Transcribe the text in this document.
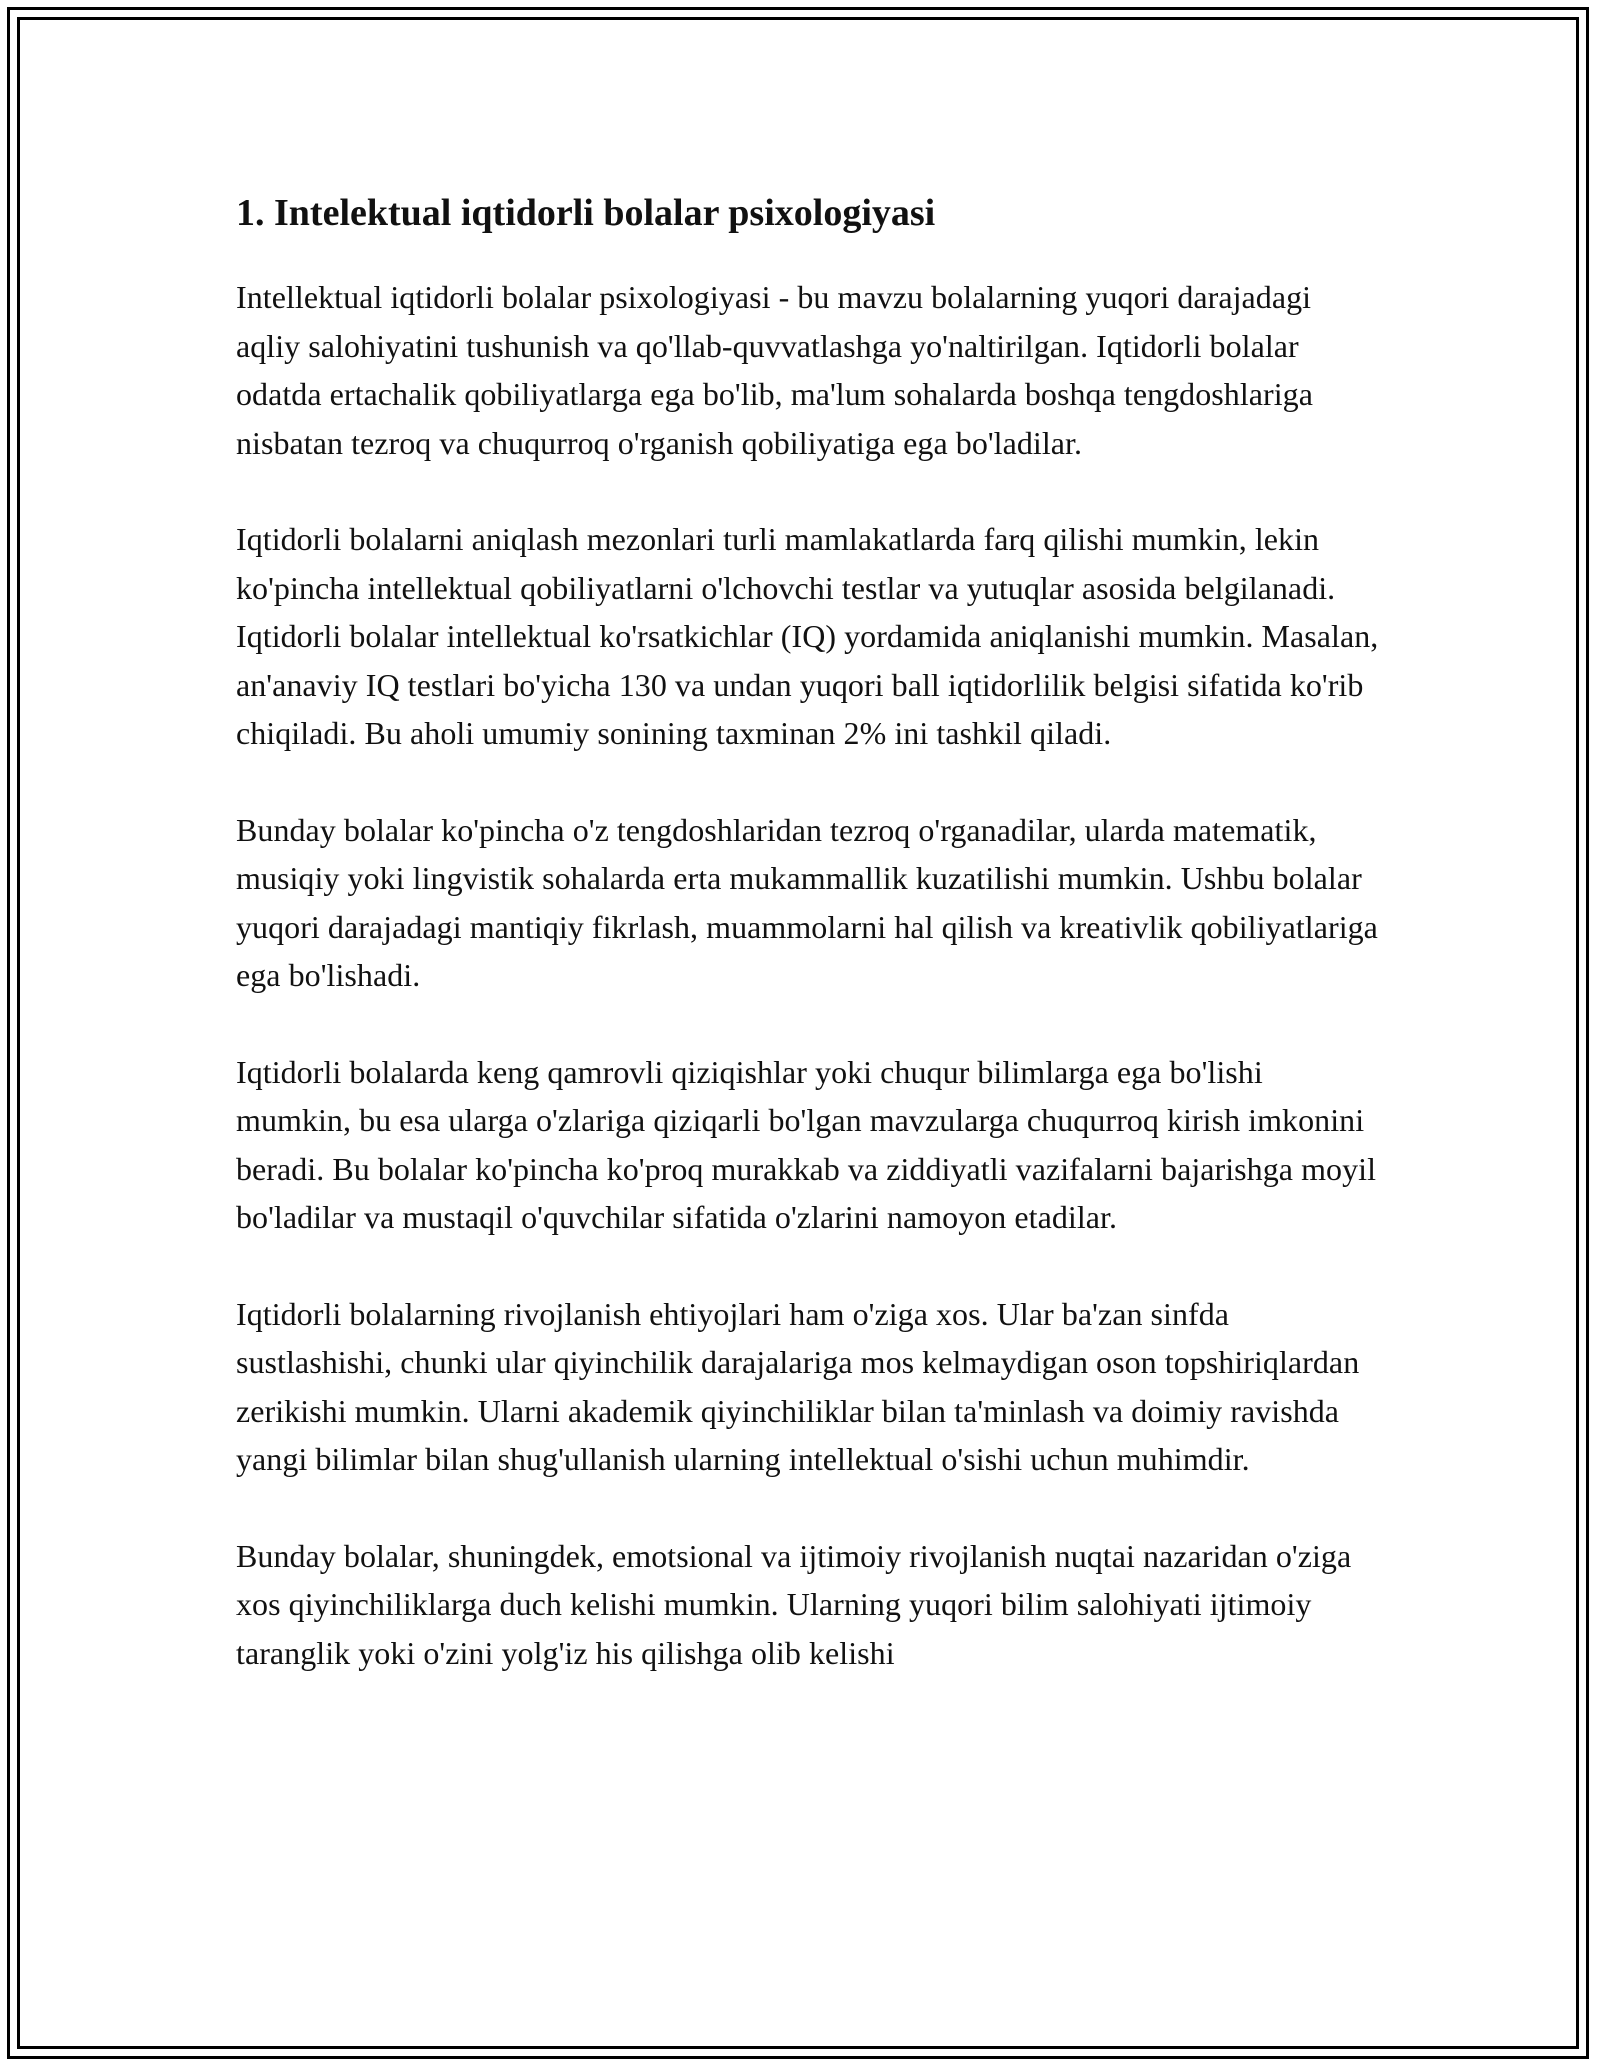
1. Intelektual iqtidorli bolalar psixologiyasi

Intellektual iqtidorli bolalar psixologiyasi - bu mavzu bolalarning yuqori darajadagi aqliy salohiyatini tushunish va qo'llab-quvvatlashga yo'naltirilgan. Iqtidorli bolalar odatda ertachalik qobiliyatlarga ega bo'lib, ma'lum sohalarda boshqa tengdoshlariga nisbatan tezroq va chuqurroq o'rganish qobiliyatiga ega bo'ladilar.

Iqtidorli bolalarni aniqlash mezonlari turli mamlakatlarda farq qilishi mumkin, lekin ko'pincha intellektual qobiliyatlarni o'lchovchi testlar va yutuqlar asosida belgilanadi. Iqtidorli bolalar intellektual ko'rsatkichlar (IQ) yordamida aniqlanishi mumkin. Masalan, an'anaviy IQ testlari bo'yicha 130 va undan yuqori ball iqtidorlilik belgisi sifatida ko'rib chiqiladi. Bu aholi umumiy sonining taxminan 2% ini tashkil qiladi.

Bunday bolalar ko'pincha o'z tengdoshlaridan tezroq o'rganadilar, ularda matematik, musiqiy yoki lingvistik sohalarda erta mukammallik kuzatilishi mumkin. Ushbu bolalar yuqori darajadagi mantiqiy fikrlash, muammolarni hal qilish va kreativlik qobiliyatlariga ega bo'lishadi.

Iqtidorli bolalarda keng qamrovli qiziqishlar yoki chuqur bilimlarga ega bo'lishi mumkin, bu esa ularga o'zlariga qiziqarli bo'lgan mavzularga chuqurroq kirish imkonini beradi. Bu bolalar ko'pincha ko'proq murakkab va ziddiyatli vazifalarni bajarishga moyil bo'ladilar va mustaqil o'quvchilar sifatida o'zlarini namoyon etadilar.

Iqtidorli bolalarning rivojlanish ehtiyojlari ham o'ziga xos. Ular ba'zan sinfda sustlashishi, chunki ular qiyinchilik darajalariga mos kelmaydigan oson topshiriqlardan zerikishi mumkin. Ularni akademik qiyinchiliklar bilan ta'minlash va doimiy ravishda yangi bilimlar bilan shug'ullanish ularning intellektual o'sishi uchun muhimdir.

Bunday bolalar, shuningdek, emotsional va ijtimoiy rivojlanish nuqtai nazaridan o'ziga xos qiyinchiliklarga duch kelishi mumkin. Ularning yuqori bilim salohiyati ijtimoiy taranglik yoki o'zini yolg'iz his qilishga olib kelishi
